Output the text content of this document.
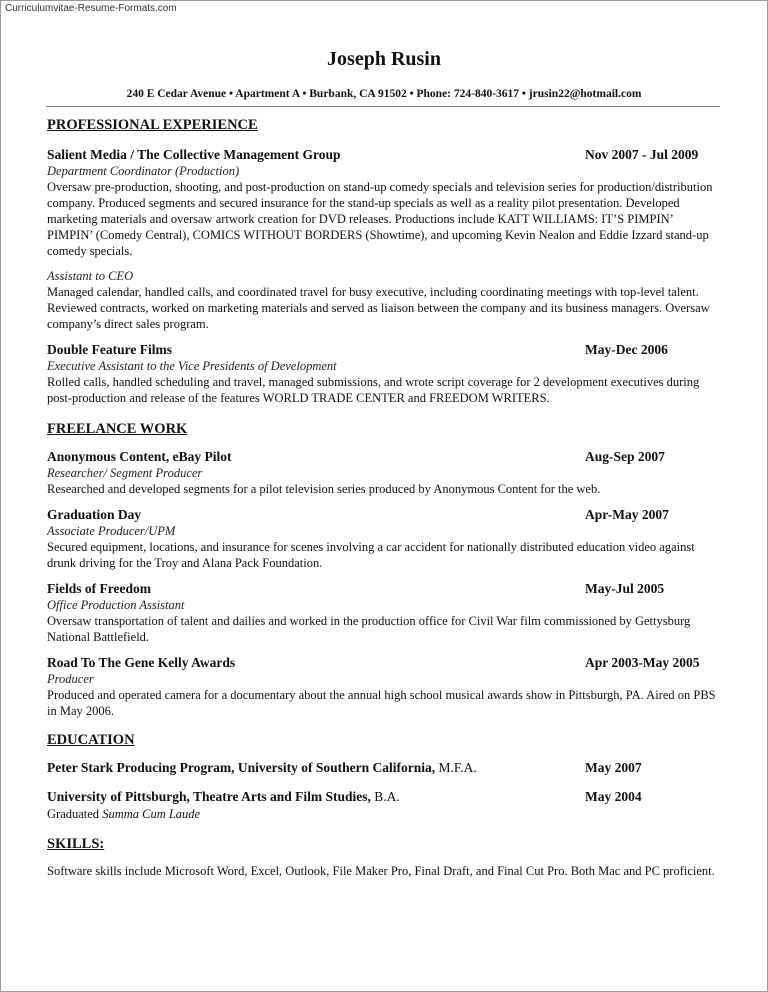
Curriculumvitae-Resume-Formats.com
Joseph Rusin
240 E Cedar Avenue • Apartment A • Burbank, CA 91502 • Phone: 724-840-3617 • jrusin22@hotmail.com
PROFESSIONAL EXPERIENCE
Salient Media / The Collective Management Group	Nov 2007 - Jul 2009
Department Coordinator (Production)
Oversaw pre-production, shooting, and post-production on stand-up comedy specials and television series for production/distribution company. Produced segments and secured insurance for the stand-up specials as well as a reality pilot presentation. Developed marketing materials and oversaw artwork creation for DVD releases. Productions include KATT WILLIAMS: IT’S PIMPIN’ PIMPIN’ (Comedy Central), COMICS WITHOUT BORDERS (Showtime), and upcoming Kevin Nealon and Eddie Izzard stand-up comedy specials.
Assistant to CEO
Managed calendar, handled calls, and coordinated travel for busy executive, including coordinating meetings with top-level talent. Reviewed contracts, worked on marketing materials and served as liaison between the company and its business managers. Oversaw company’s direct sales program.
Double Feature Films	May-Dec 2006
Executive Assistant to the Vice Presidents of Development
Rolled calls, handled scheduling and travel, managed submissions, and wrote script coverage for 2 development executives during post-production and release of the features WORLD TRADE CENTER and FREEDOM WRITERS.
FREELANCE WORK
Anonymous Content, eBay Pilot	Aug-Sep 2007
Researcher/ Segment Producer
Researched and developed segments for a pilot television series produced by Anonymous Content for the web.
Graduation Day	Apr-May 2007
Associate Producer/UPM
Secured equipment, locations, and insurance for scenes involving a car accident for nationally distributed education video against drunk driving for the Troy and Alana Pack Foundation.
Fields of Freedom	May-Jul 2005
Office Production Assistant
Oversaw transportation of talent and dailies and worked in the production office for Civil War film commissioned by Gettysburg National Battlefield.
Road To The Gene Kelly Awards	Apr 2003-May 2005
Producer
Produced and operated camera for a documentary about the annual high school musical awards show in Pittsburgh, PA. Aired on PBS in May 2006.
EDUCATION
Peter Stark Producing Program, University of Southern California, M.F.A.	May 2007
University of Pittsburgh, Theatre Arts and Film Studies, B.A.	May 2004
Graduated Summa Cum Laude
SKILLS:
Software skills include Microsoft Word, Excel, Outlook, File Maker Pro, Final Draft, and Final Cut Pro. Both Mac and PC proficient.
